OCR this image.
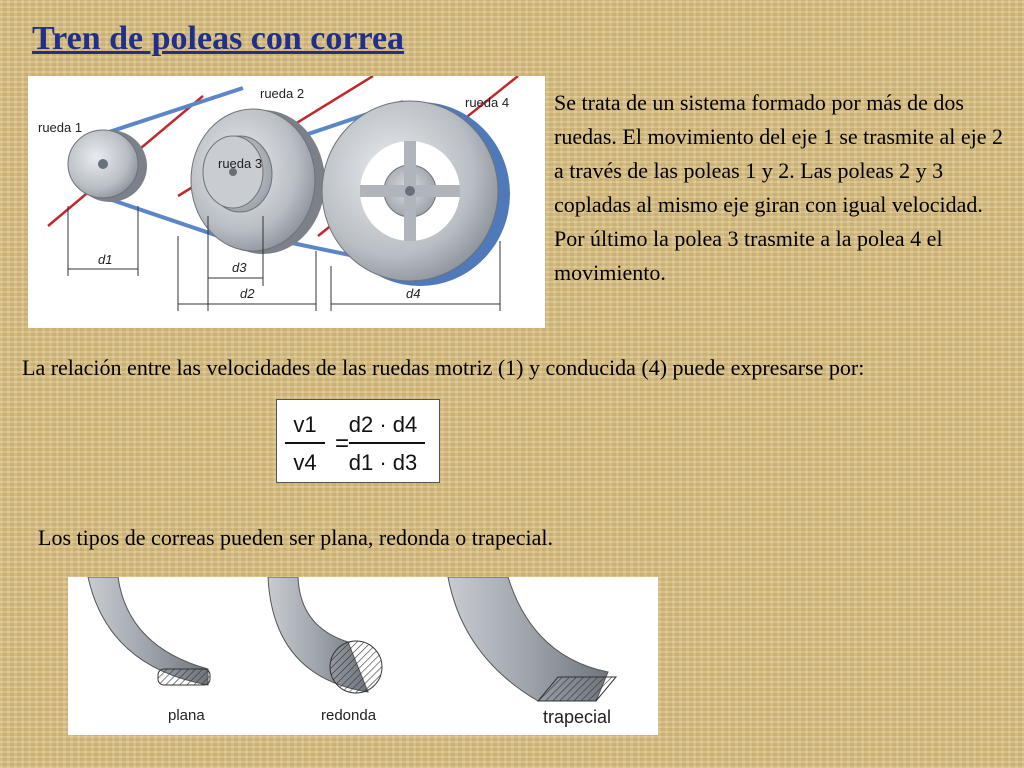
Tren de poleas con correa
rueda 1
rueda 2
rueda 3
rueda 4
d1
d3
d2	d4

Se trata de un sistema formado por más de dos ruedas. El movimiento del eje 1 se trasmite al eje 2 a través de las poleas 1 y 2. Las poleas 2 y 3 copladas al mismo eje giran con igual velocidad. Por último la polea 3 trasmite a la polea 4 el movimiento.

La relación entre las velocidades de las ruedas motriz (1) y conducida (4) puede expresarse por:

v1
v4
d2 · d4
d1 · d3
=

Los tipos de correas pueden ser plana, redonda o trapecial.

plana	redonda	trapecial
